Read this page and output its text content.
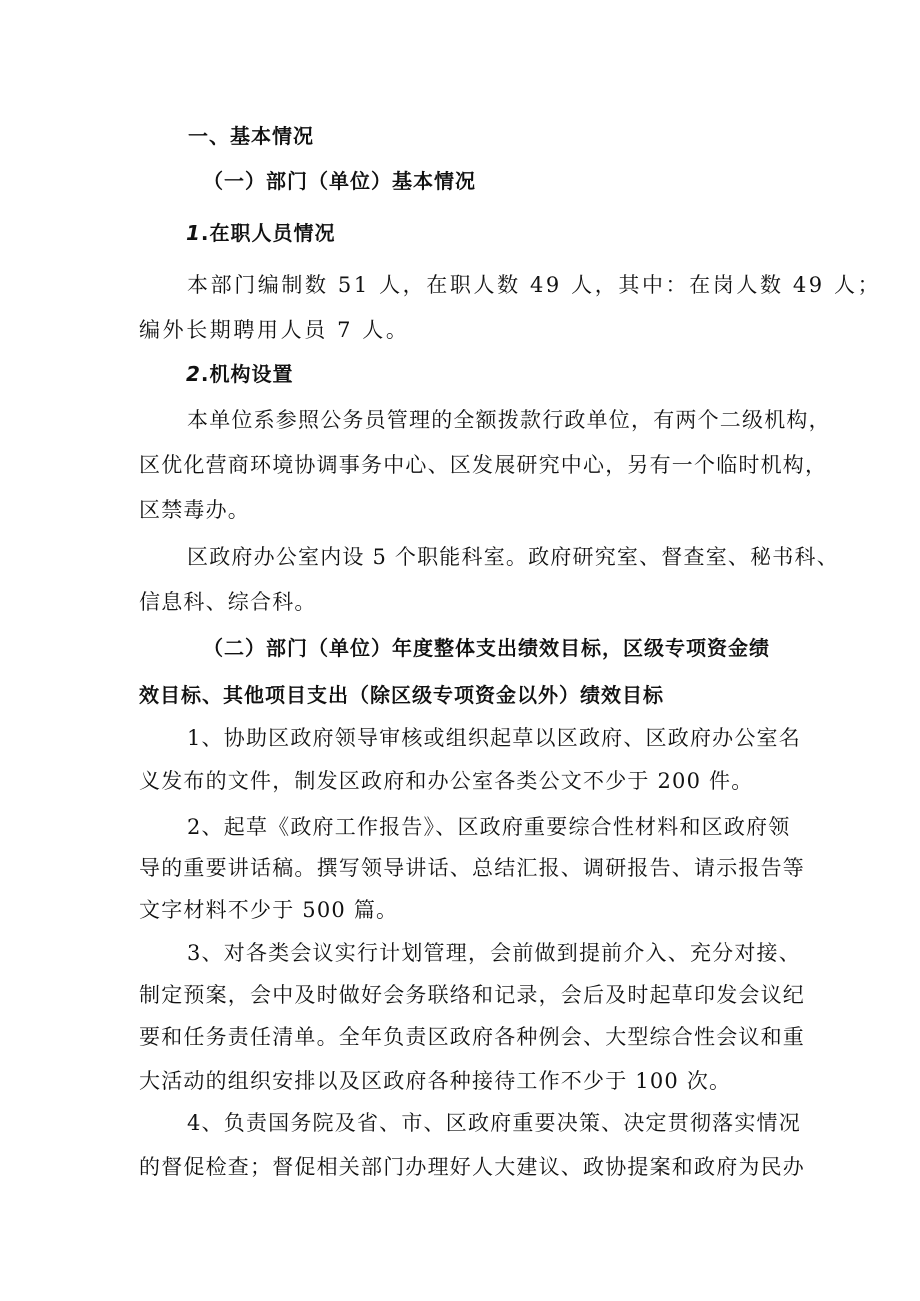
一、基本情况
（一）部门（单位）基本情况
1.在职人员情况
本部门编制数 51 人，在职人数 49 人，其中：在岗人数 49 人；
编外长期聘用人员 7 人。
2.机构设置
本单位系参照公务员管理的全额拨款行政单位，有两个二级机构，
区优化营商环境协调事务中心、区发展研究中心，另有一个临时机构，
区禁毒办。
区政府办公室内设 5 个职能科室。政府研究室、督查室、秘书科、
信息科、综合科。
（二）部门（单位）年度整体支出绩效目标，区级专项资金绩
效目标、其他项目支出（除区级专项资金以外）绩效目标
1、协助区政府领导审核或组织起草以区政府、区政府办公室名
义发布的文件，制发区政府和办公室各类公文不少于 200 件。
2、起草《政府工作报告》、区政府重要综合性材料和区政府领
导的重要讲话稿。撰写领导讲话、总结汇报、调研报告、请示报告等
文字材料不少于 500 篇。
3、对各类会议实行计划管理，会前做到提前介入、充分对接、
制定预案，会中及时做好会务联络和记录，会后及时起草印发会议纪
要和任务责任清单。全年负责区政府各种例会、大型综合性会议和重
大活动的组织安排以及区政府各种接待工作不少于 100 次。
4、负责国务院及省、市、区政府重要决策、决定贯彻落实情况
的督促检查；督促相关部门办理好人大建议、政协提案和政府为民办
